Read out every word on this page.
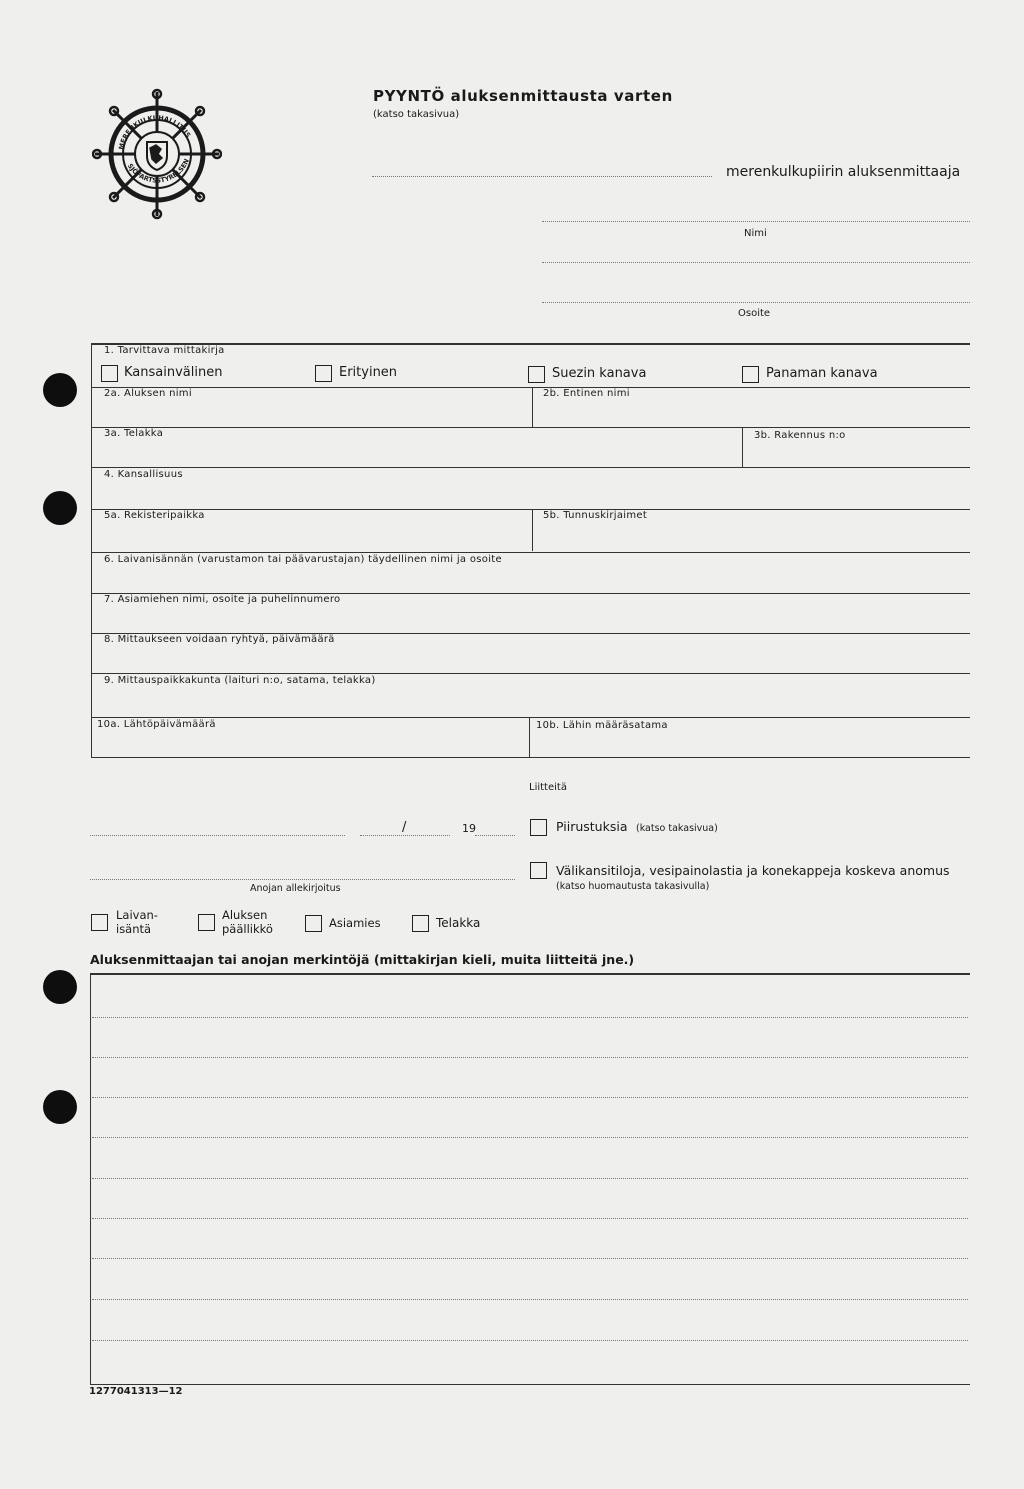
MERENKULKUHALLITUS
SJÖFARTSSTYRELSEN
PYYNTÖ aluksenmittausta varten
(katso takasivua)
merenkulkupiirin aluksenmittaaja
Nimi
Osoite
1. Tarvittava mittakirja
Kansainvälinen	Erityinen	Suezin kanava	Panaman kanava
2a. Aluksen nimi	2b. Entinen nimi
3a. Telakka	3b. Rakennus n:o
4. Kansallisuus
5a. Rekisteripaikka	5b. Tunnuskirjaimet
6. Laivanisännän (varustamon tai päävarustajan) täydellinen nimi ja osoite
7. Asiamiehen nimi, osoite ja puhelinnumero
8. Mittaukseen voidaan ryhtyä, päivämäärä
9. Mittauspaikkakunta (laituri n:o, satama, telakka)
10a. Lähtöpäivämäärä	10b. Lähin määräsatama
Liitteitä
Piirustuksia (katso takasivua)
Välikansitiloja, vesipainolastia ja konekappeja koskeva anomus
(katso huomautusta takasivulla)
/	19
Anojan allekirjoitus
Laivan-
isäntä
Aluksen
päällikkö	Asiamies	Telakka
Aluksenmittaajan tai anojan merkintöjä (mittakirjan kieli, muita liitteitä jne.)
1277041313—12
